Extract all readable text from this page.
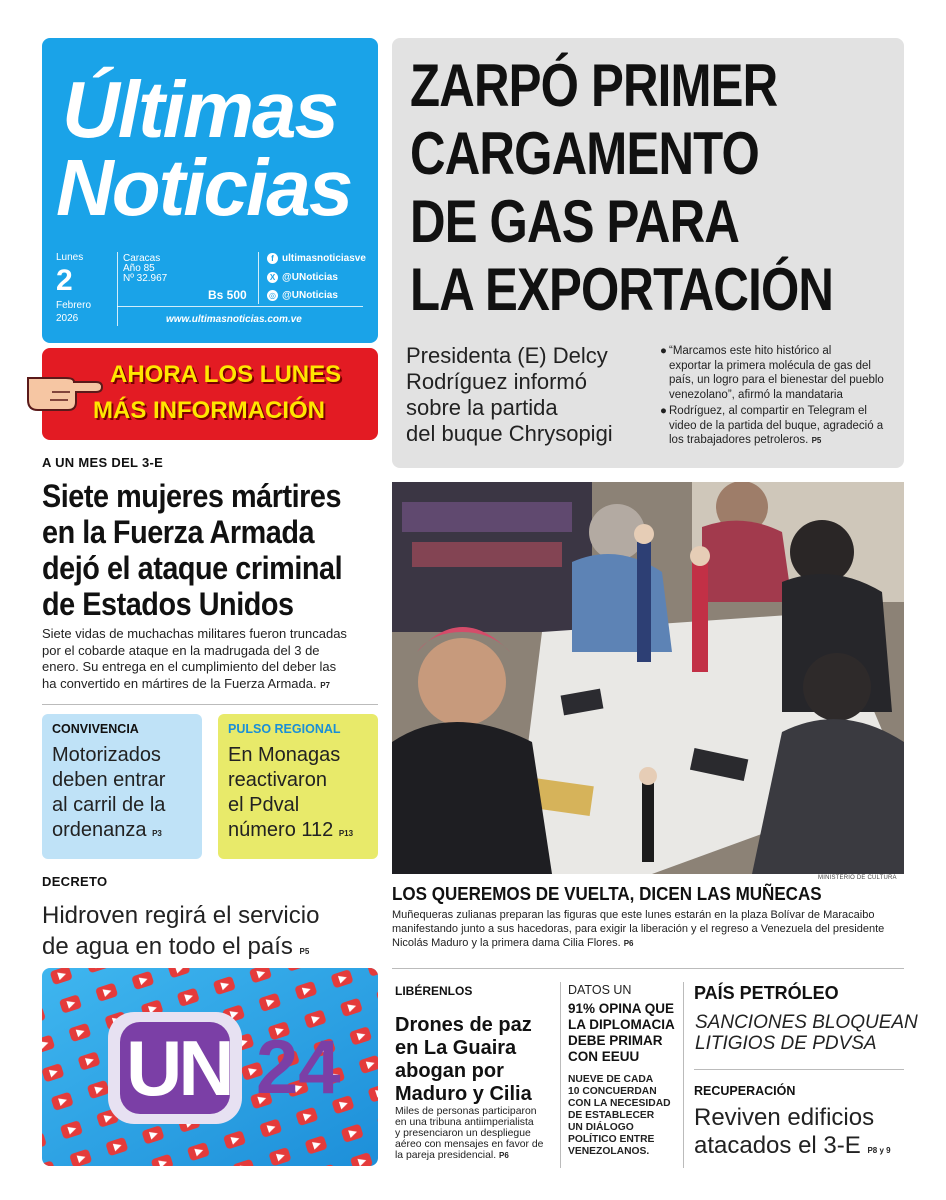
Últimas
Noticias
Lunes
2
Febrero
2026
Caracas
Año 85
Nº 32.967
Bs 500
f ultimasnoticiasve
X @UNoticias
◎ @UNoticias
www.ultimasnoticias.com.ve
AHORA LOS LUNES
MÁS INFORMACIÓN
ZARPÓ PRIMER
CARGAMENTO
DE GAS PARA
LA EXPORTACIÓN
Presidenta (E) Delcy
Rodríguez informó
sobre la partida
del buque Chrysopigi
● “Marcamos este hito histórico al
exportar la primera molécula de gas del
país, un logro para el bienestar del pueblo
venezolano”, afirmó la mandataria
● Rodríguez, al compartir en Telegram el
video de la partida del buque, agradeció a
los trabajadores petroleros. P5
A UN MES DEL 3-E
Siete mujeres mártires
en la Fuerza Armada
dejó el ataque criminal
de Estados Unidos
Siete vidas de muchachas militares fueron truncadas
por el cobarde ataque en la madrugada del 3 de
enero. Su entrega en el cumplimiento del deber las
ha convertido en mártires de la Fuerza Armada. P7
CONVIVENCIA
Motorizados
deben entrar
al carril de la
ordenanza P3
PULSO REGIONAL
En Monagas
reactivaron
el Pdval
número 112 P13
DECRETO
Hidroven regirá el servicio
de agua en todo el país P5
UN 24
MINISTERIO DE CULTURA
LOS QUEREMOS DE VUELTA, DICEN LAS MUÑECAS
Muñequeras zulianas preparan las figuras que este lunes estarán en la plaza Bolívar de Maracaibo
manifestando junto a sus hacedoras, para exigir la liberación y el regreso a Venezuela del presidente
Nicolás Maduro y la primera dama Cilia Flores. P6
LIBÉRENLOS
Drones de paz
en La Guaira
abogan por
Maduro y Cilia
Miles de personas participaron
en una tribuna antiimperialista
y presenciaron un despliegue
aéreo con mensajes en favor de
la pareja presidencial. P6
DATOS UN
91% OPINA QUE
LA DIPLOMACIA
DEBE PRIMAR
CON EEUU
NUEVE DE CADA
10 CONCUERDAN
CON LA NECESIDAD
DE ESTABLECER
UN DIÁLOGO
POLÍTICO ENTRE
VENEZOLANOS.
PAÍS PETRÓLEO
SANCIONES BLOQUEAN
LITIGIOS DE PDVSA
RECUPERACIÓN
Reviven edificios
atacados el 3-E P8 y 9
